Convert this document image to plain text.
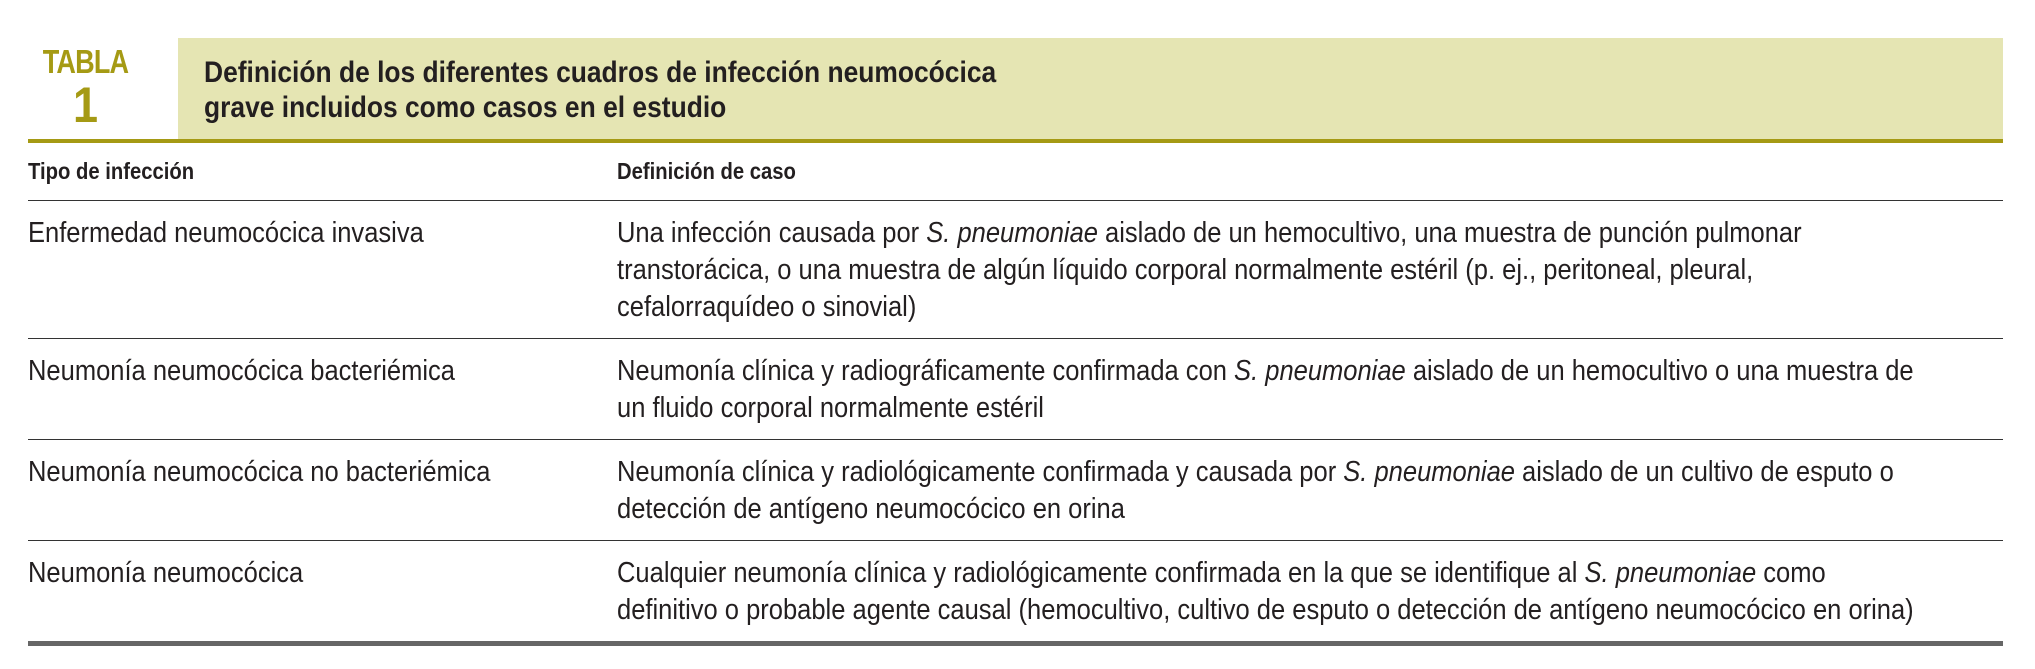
TABLA
1
Definición de los diferentes cuadros de infección neumocócica
grave incluidos como casos en el estudio
Tipo de infección	Definición de caso
Enfermedad neumocócica invasiva	Una infección causada por S. pneumoniae aislado de un hemocultivo, una muestra de punción pulmonar
transtorácica, o una muestra de algún líquido corporal normalmente estéril (p. ej., peritoneal, pleural,
cefalorraquídeo o sinovial)

Neumonía neumocócica bacteriémica	Neumonía clínica y radiográficamente confirmada con S. pneumoniae aislado de un hemocultivo o una muestra de
un fluido corporal normalmente estéril

Neumonía neumocócica no bacteriémica	Neumonía clínica y radiológicamente confirmada y causada por S. pneumoniae aislado de un cultivo de esputo o
detección de antígeno neumocócico en orina

Neumonía neumocócica	Cualquier neumonía clínica y radiológicamente confirmada en la que se identifique al S. pneumoniae como
definitivo o probable agente causal (hemocultivo, cultivo de esputo o detección de antígeno neumocócico en orina)
